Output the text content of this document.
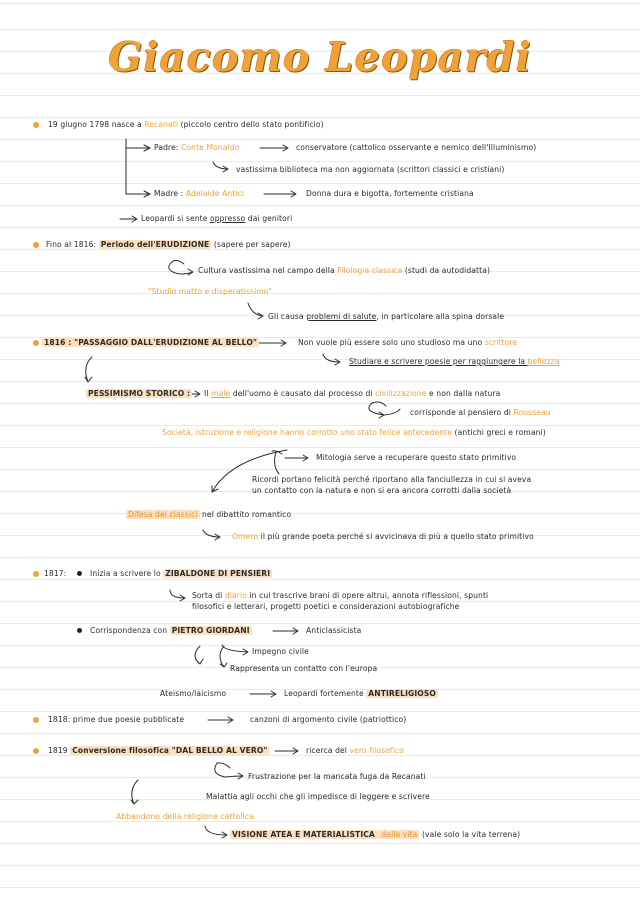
Giacomo Leopardi
19 giugno 1798 nasce a Recanati (piccolo centro dello stato pontificio)
Padre: Conte Monaldo	conservatore (cattolico osservante e nemico dell'Illuminismo)
vastissima biblioteca ma non aggiornata (scrittori classici e cristiani)
Madre : Adelaide Antici	Donna dura e bigotta, fortemente cristiana
Leopardi si sente oppresso dai genitori
Fino al 1816: Periodo dell'ERUDIZIONE (sapere per sapere)
Cultura vastissima nel campo della Filologia classica (studi da autodidatta)
"Studio matto e disperatissimo"
Gli causa problemi di salute, in particolare alla spina dorsale
1816 : "PASSAGGIO DALL'ERUDIZIONE AL BELLO"	Non vuole più essere solo uno studioso ma uno scrittore
Studiare e scrivere poesie per raggiungere la bellezza
PESSIMISMO STORICO : Il male dell'uomo è causato dal processo di civilizzazione e non dalla natura
corrisponde al pensiero di Rousseau
Società, istruzione e religione hanno corrotto uno stato felice antecedente (antichi greci e romani)
Mitologia serve a recuperare questo stato primitivo
Ricordi portano felicità perché riportano alla fanciullezza in cui si aveva
un contatto con la natura e non si era ancora corrotti dalla società
Difesa dei classici nel dibattito romantico
Omero il più grande poeta perché si avvicinava di più a quello stato primitivo
1817:	Inizia a scrivere lo ZIBALDONE DI PENSIERI
Sorta di diario in cui trascrive brani di opere altrui, annota riflessioni, spunti
filosofici e letterari, progetti poetici e considerazioni autobiografiche
Corrispondenza con PIETRO GIORDANI	Anticlassicista
Impegno civile
Rappresenta un contatto con l'europa
Ateismo/laicismo	Leopardi fortemente ANTIRELIGIOSO
1818: prime due poesie pubblicate	canzoni di argomento civile (patriottico)
1819 Conversione filosofica "DAL BELLO AL VERO"	ricerca del vero filosofico
Frustrazione per la mancata fuga da Recanati
Malattia agli occhi che gli impedisce di leggere e scrivere
Abbandono della religione cattolica
VISIONE ATEA E MATERIALISTICA della vita (vale solo la vita terrena)
